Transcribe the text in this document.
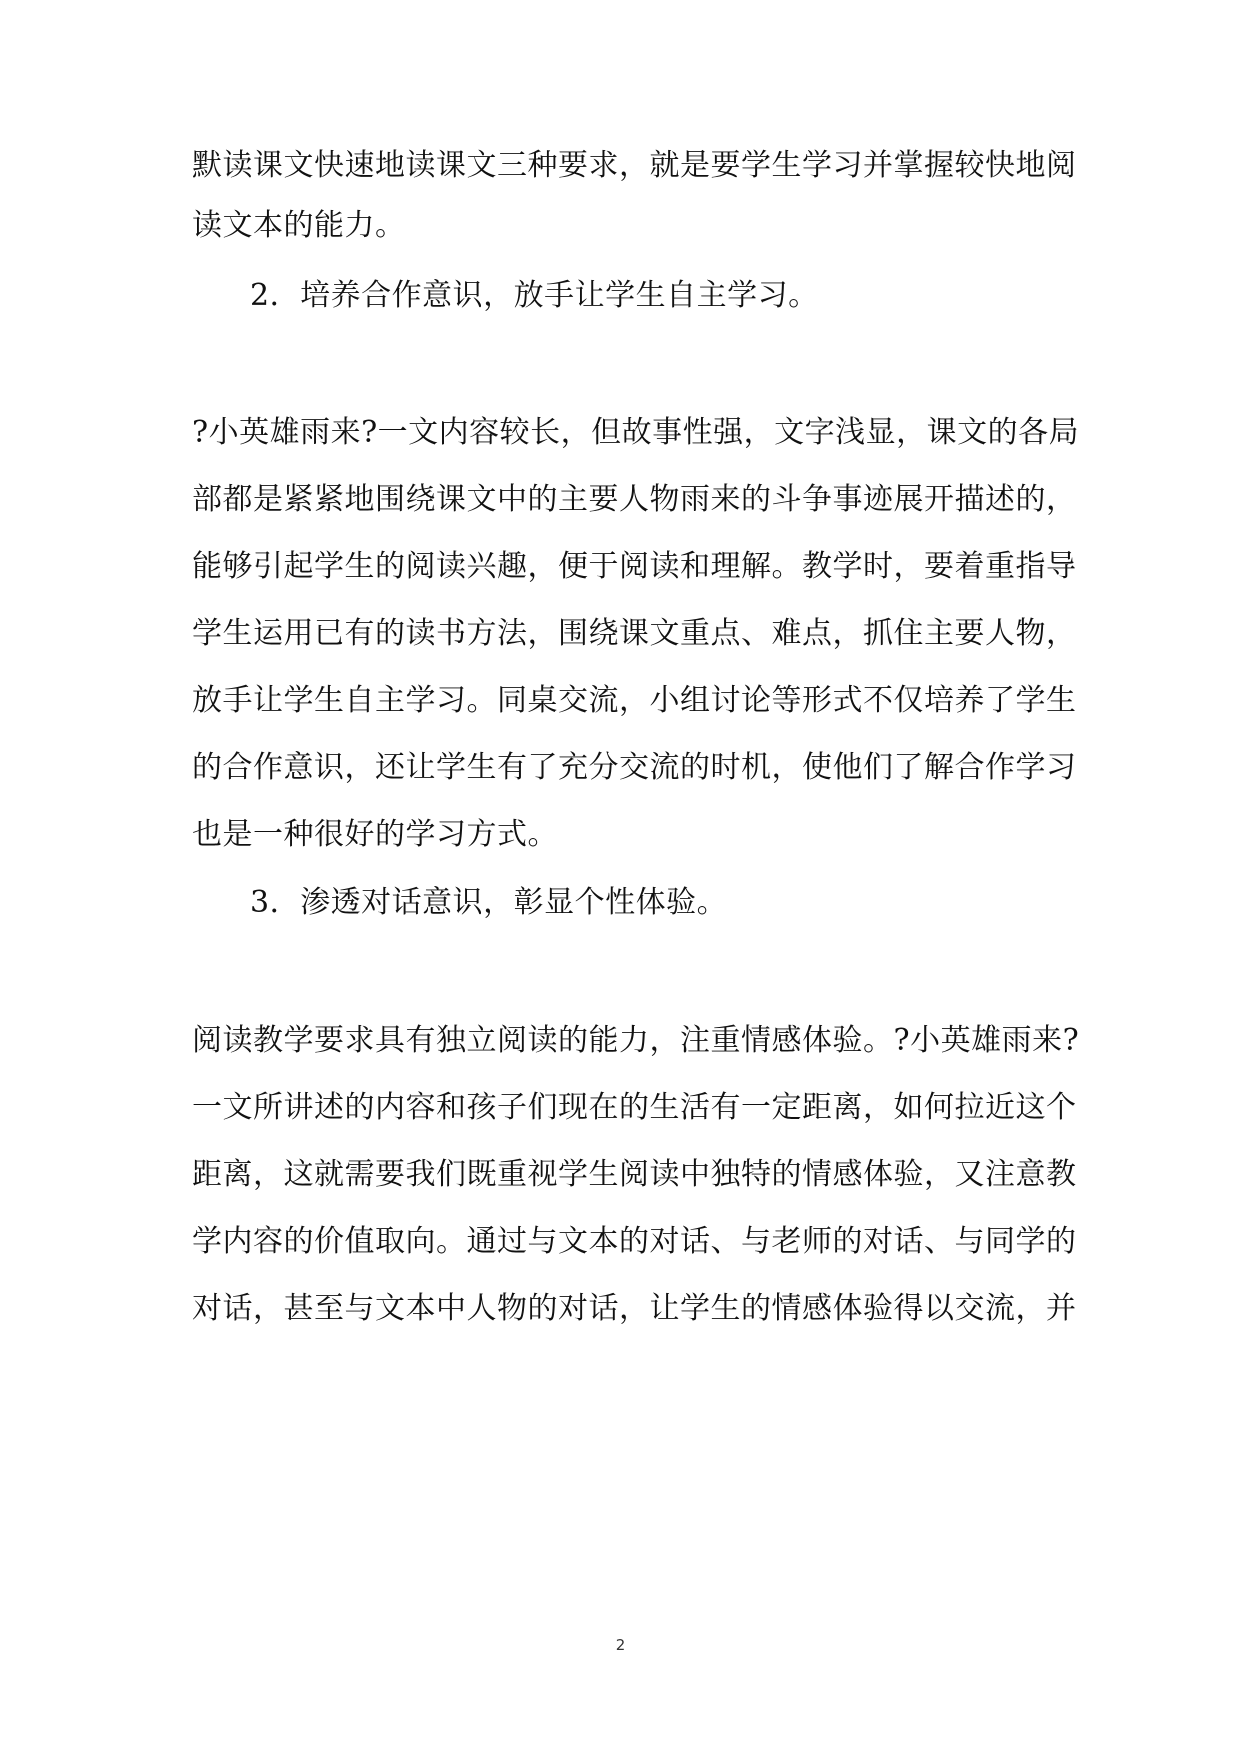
默读课文快速地读课文三种要求，就是要学生学习并掌握较快地阅
读文本的能力。
2．培养合作意识，放手让学生自主学习。
?小英雄雨来?一文内容较长，但故事性强，文字浅显，课文的各局
部都是紧紧地围绕课文中的主要人物雨来的斗争事迹展开描述的，
能够引起学生的阅读兴趣，便于阅读和理解。教学时，要着重指导
学生运用已有的读书方法，围绕课文重点、难点，抓住主要人物，
放手让学生自主学习。同桌交流，小组讨论等形式不仅培养了学生
的合作意识，还让学生有了充分交流的时机，使他们了解合作学习
也是一种很好的学习方式。
3．渗透对话意识，彰显个性体验。
阅读教学要求具有独立阅读的能力，注重情感体验。?小英雄雨来?
一文所讲述的内容和孩子们现在的生活有一定距离，如何拉近这个
距离，这就需要我们既重视学生阅读中独特的情感体验，又注意教
学内容的价值取向。通过与文本的对话、与老师的对话、与同学的
对话，甚至与文本中人物的对话，让学生的情感体验得以交流，并
2
